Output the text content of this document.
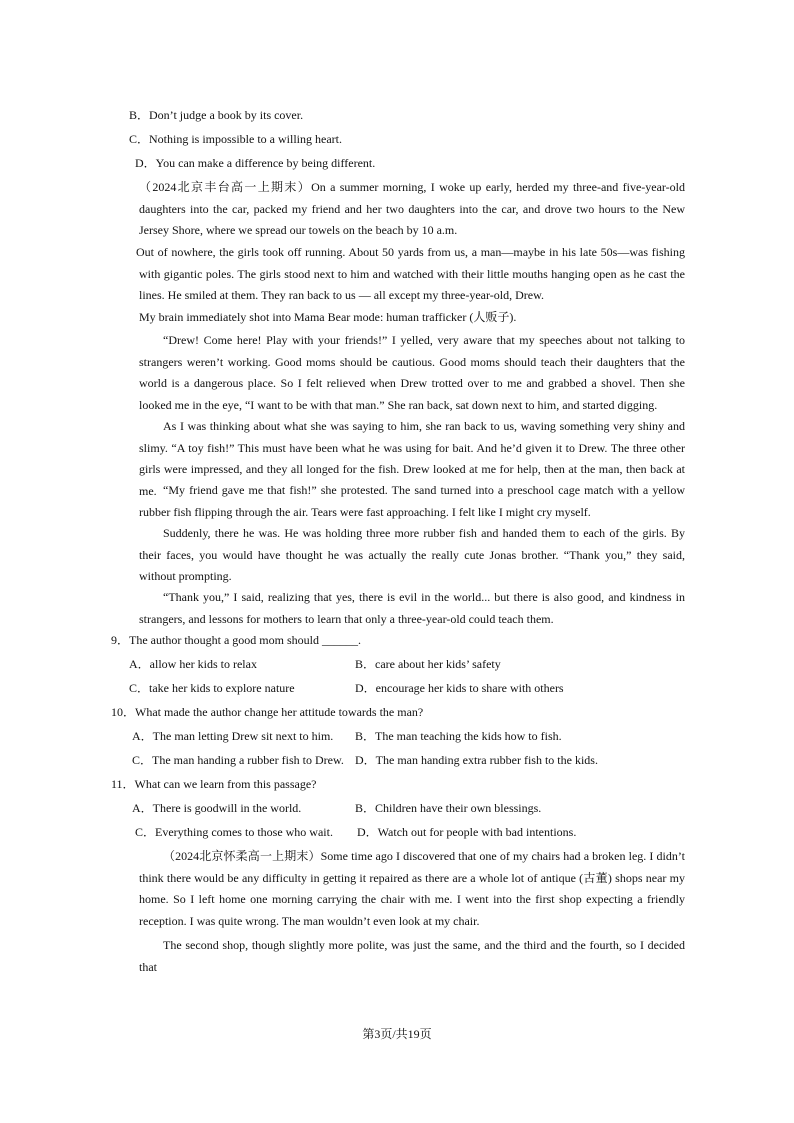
B．Don’t judge a book by its cover.
C．Nothing is impossible to a willing heart.
D．You can make a difference by being different.

（2024北京丰台高一上期末）On a summer morning, I woke up early, herded my three-and five-year-old daughters into the car, packed my friend and her two daughters into the car, and drove two hours to the New Jersey Shore, where we spread our towels on the beach by 10 a.m.

Out of nowhere, the girls took off running. About 50 yards from us, a man—maybe in his late 50s—was fishing with gigantic poles. The girls stood next to him and watched with their little mouths hanging open as he cast the lines. He smiled at them. They ran back to us — all except my three-year-old, Drew.

My brain immediately shot into Mama Bear mode: human trafficker (人贩子).

“Drew! Come here! Play with your friends!” I yelled, very aware that my speeches about not talking to strangers weren’t working. Good moms should be cautious. Good moms should teach their daughters that the world is a dangerous place. So I felt relieved when Drew trotted over to me and grabbed a shovel. Then she looked me in the eye, “I want to be with that man.” She ran back, sat down next to him, and started digging.

As I was thinking about what she was saying to him, she ran back to us, waving something very shiny and slimy. “A toy fish!” This must have been what he was using for bait. And he’d given it to Drew. The three other girls were impressed, and they all longed for the fish. Drew looked at me for help, then at the man, then back at me. “My friend gave me that fish!” she protested. The sand turned into a preschool cage match with a yellow rubber fish flipping through the air. Tears were fast approaching. I felt like I might cry myself.

Suddenly, there he was. He was holding three more rubber fish and handed them to each of the girls. By their faces, you would have thought he was actually the really cute Jonas brother. “Thank you,” they said, without prompting.

“Thank you,” I said, realizing that yes, there is evil in the world... but there is also good, and kindness in strangers, and lessons for mothers to learn that only a three-year-old could teach them.

9．The author thought a good mom should ______.
A．allow her kids to relax	B．care about her kids’ safety
C．take her kids to explore nature	D．encourage her kids to share with others
10．What made the author change her attitude towards the man?
A．The man letting Drew sit next to him. B．The man teaching the kids how to fish.
C．The man handing a rubber fish to Drew. D．The man handing extra rubber fish to the kids.
11．What can we learn from this passage?
A．There is goodwill in the world.	B．Children have their own blessings.
C．Everything comes to those who wait. D．Watch out for people with bad intentions.

（2024北京怀柔高一上期末）Some time ago I discovered that one of my chairs had a broken leg. I didn’t think there would be any difficulty in getting it repaired as there are a whole lot of antique (古董) shops near my home. So I left home one morning carrying the chair with me. I went into the first shop expecting a friendly reception. I was quite wrong. The man wouldn’t even look at my chair.

The second shop, though slightly more polite, was just the same, and the third and the fourth, so I decided that

第3页/共19页
